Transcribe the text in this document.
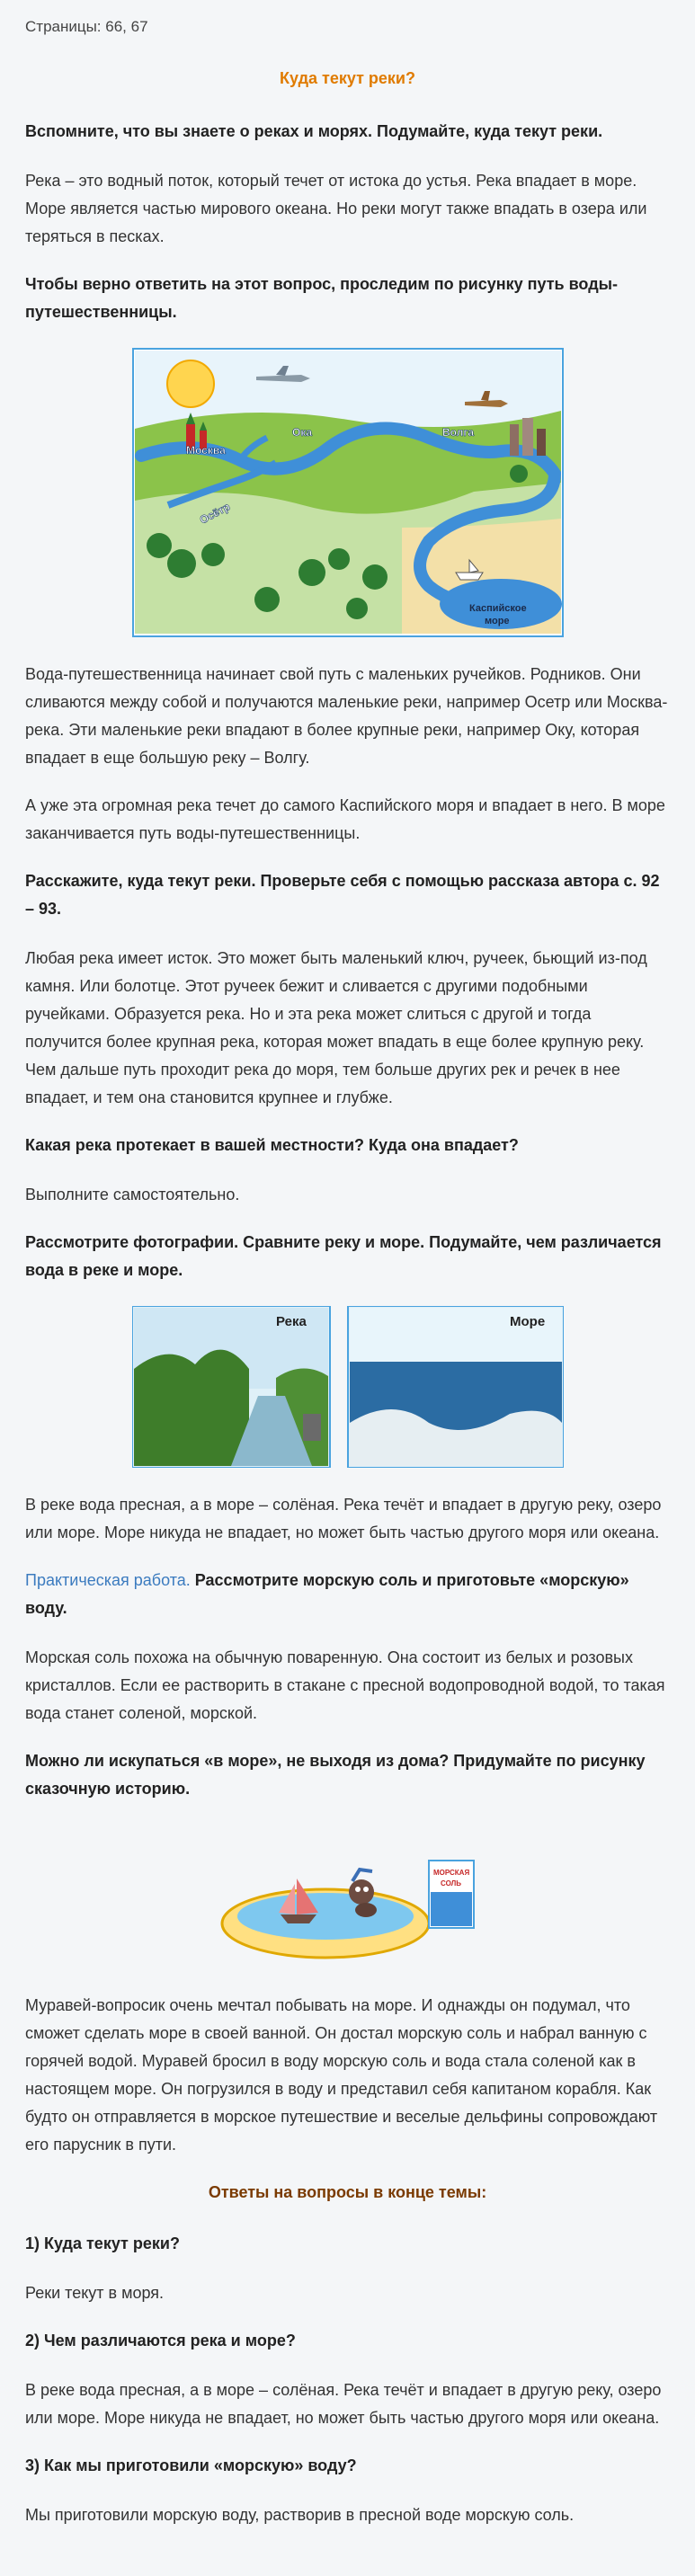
Страницы: 66, 67
Куда текут реки?
Вспомните, что вы знаете о реках и морях. Подумайте, куда текут реки.
Река – это водный поток, который течет от истока до устья. Река впадает в море. Море является частью мирового океана. Но реки могут также впадать в озера или теряться в песках.
Чтобы верно ответить на этот вопрос, проследим по рисунку путь воды-путешественницы.
Москва
Ока	Волга
Осётр
Каспийское
море
Вода-путешественница начинает свой путь с маленьких ручейков. Родников. Они сливаются между собой и получаются маленькие реки, например Осетр или Москва-река. Эти маленькие реки впадают в более крупные реки, например Оку, которая впадает в еще большую реку – Волгу.
А уже эта огромная река течет до самого Каспийского моря и впадает в него. В море заканчивается путь воды-путешественницы.
Расскажите, куда текут реки. Проверьте себя с помощью рассказа автора с. 92 – 93.
Любая река имеет исток. Это может быть маленький ключ, ручеек, бьющий из-под камня. Или болотце. Этот ручеек бежит и сливается с другими подобными ручейками. Образуется река. Но и эта река может слиться с другой и тогда получится более крупная река, которая может впадать в еще более крупную реку. Чем дальше путь проходит река до моря, тем больше других рек и речек в нее впадает, и тем она становится крупнее и глубже.
Какая река протекает в вашей местности? Куда она впадает?
Выполните самостоятельно.
Рассмотрите фотографии. Сравните реку и море. Подумайте, чем различается вода в реке и море.
Река	Море
В реке вода пресная, а в море – солёная. Река течёт и впадает в другую реку, озеро или море. Море никуда не впадает, но может быть частью другого моря или океана.
Практическая работа. Рассмотрите морскую соль и приготовьте «морскую» воду.
Морская соль похожа на обычную поваренную. Она состоит из белых и розовых кристаллов. Если ее растворить в стакане с пресной водопроводной водой, то такая вода станет соленой, морской.
Можно ли искупаться «в море», не выходя из дома? Придумайте по рисунку сказочную историю.
МОРСКАЯ
СОЛЬ
Муравей-вопросик очень мечтал побывать на море. И однажды он подумал, что сможет сделать море в своей ванной. Он достал морскую соль и набрал ванную с горячей водой. Муравей бросил в воду морскую соль и вода стала соленой как в настоящем море. Он погрузился в воду и представил себя капитаном корабля. Как будто он отправляется в морское путешествие и веселые дельфины сопровождают его парусник в пути.
Ответы на вопросы в конце темы:
1) Куда текут реки?
Реки текут в моря.
2) Чем различаются река и море?
В реке вода пресная, а в море – солёная. Река течёт и впадает в другую реку, озеро или море. Море никуда не впадает, но может быть частью другого моря или океана.
3) Как мы приготовили «морскую» воду?
Мы приготовили морскую воду, растворив в пресной воде морскую соль.
